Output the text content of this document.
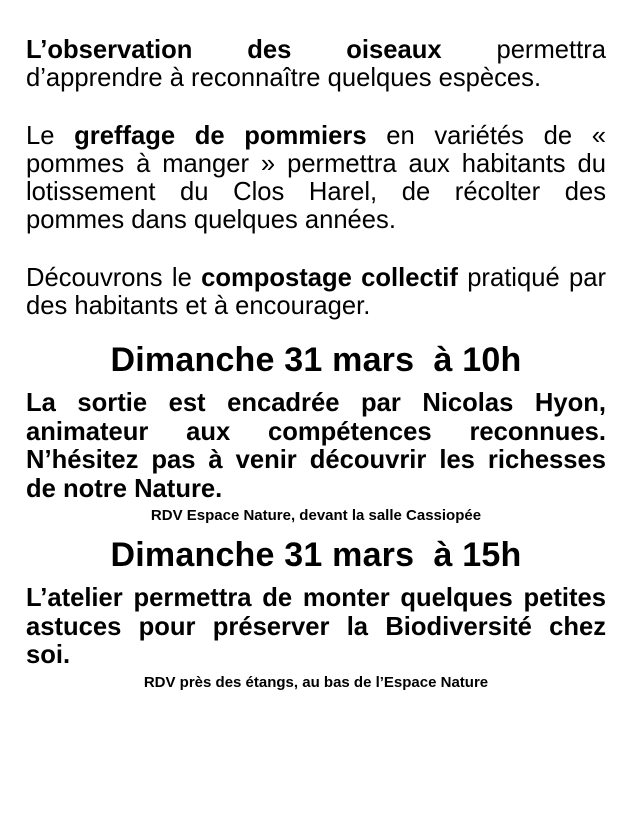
L’observation des oiseaux permettra d’apprendre à reconnaître quelques espèces.

Le greffage de pommiers en variétés de « pommes à manger » permettra aux habitants du lotissement du Clos Harel, de récolter des pommes dans quelques années.

Découvrons le compostage collectif pratiqué par des habitants et à encourager.

Dimanche 31 mars  à 10h

La sortie est encadrée par Nicolas Hyon, animateur aux compétences reconnues. N’hésitez pas à venir découvrir les richesses de notre Nature.

RDV Espace Nature, devant la salle Cassiopée

Dimanche 31 mars  à 15h

L’atelier permettra de monter quelques petites astuces pour préserver la Biodiversité chez soi.

RDV près des étangs, au bas de l’Espace Nature
